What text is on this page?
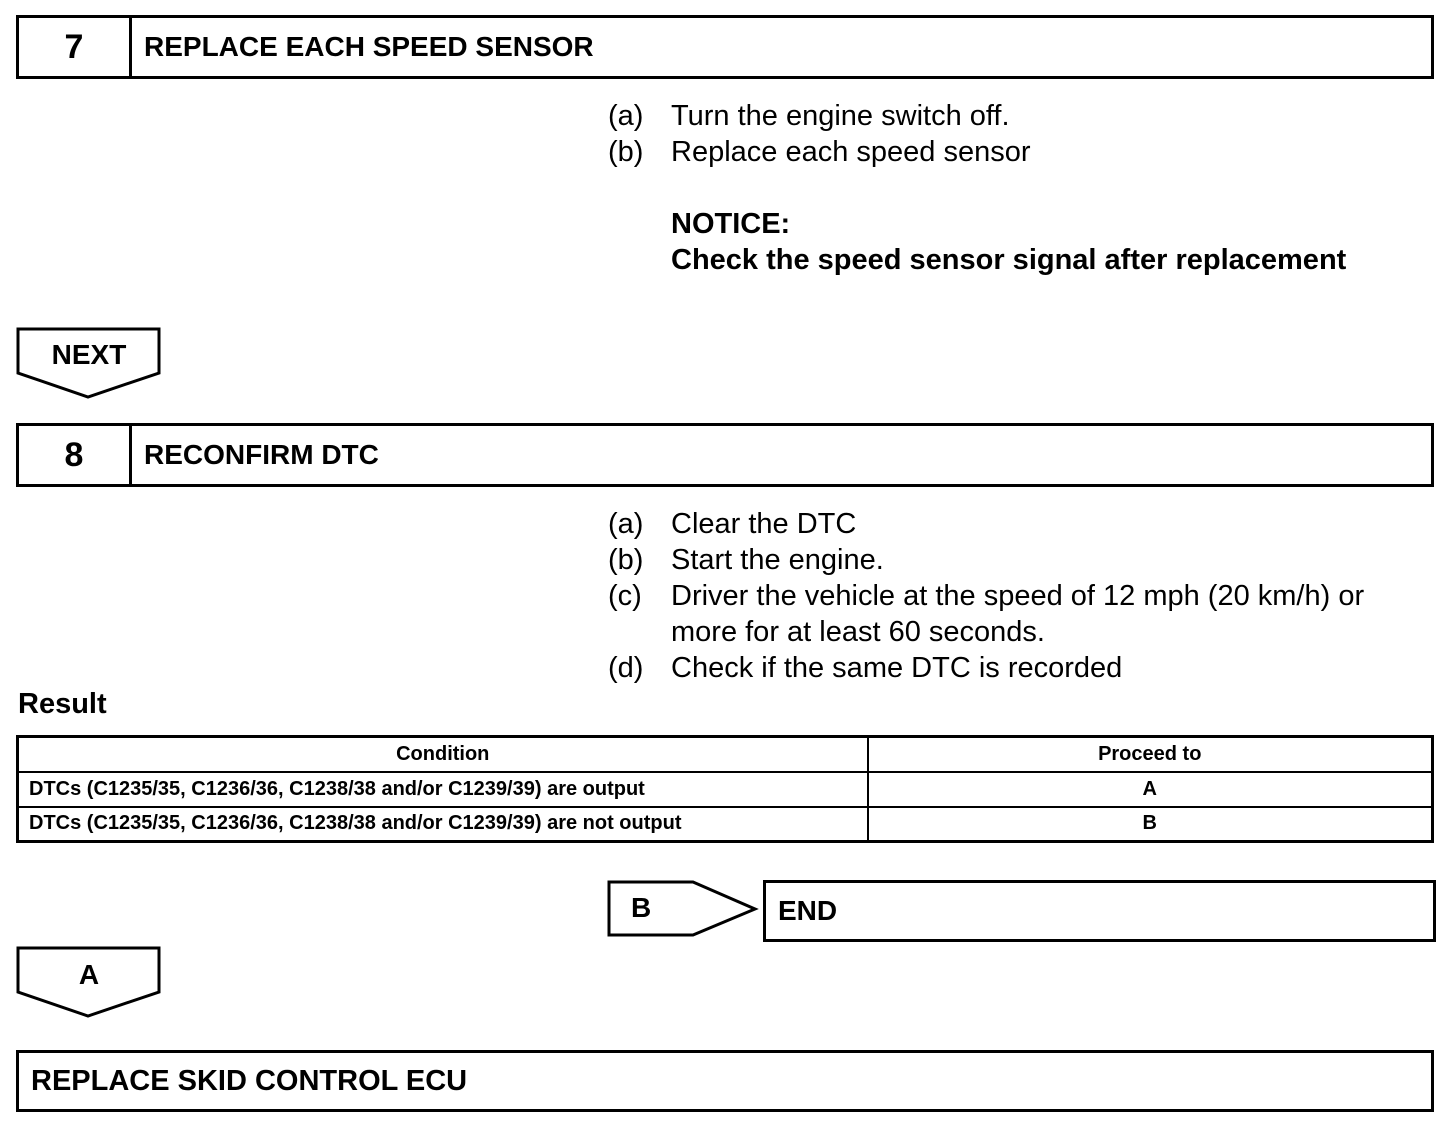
7	REPLACE EACH SPEED SENSOR
(a) Turn the engine switch off.
(b) Replace each speed sensor
NOTICE:
Check the speed sensor signal after replacement
NEXT
8	RECONFIRM DTC
(a) Clear the DTC
(b) Start the engine.
(c)	Driver the vehicle at the speed of 12 mph (20 km/h) or
more for at least 60 seconds.
(d) Check if the same DTC is recorded
Result
Condition	Proceed to
DTCs (C1235/35, C1236/36, C1238/38 and/or C1239/39) are output	A
DTCs (C1235/35, C1236/36, C1238/38 and/or C1239/39) are not output	B
B	END
A
REPLACE SKID CONTROL ECU
